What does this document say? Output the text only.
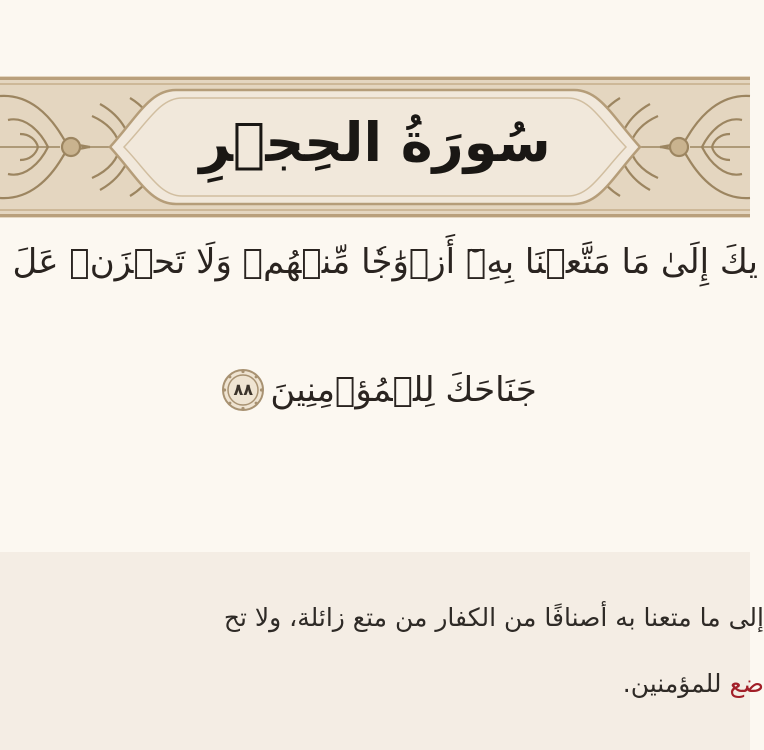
سُورَةُ الحِجۡرِ
يكَ إِلَىٰ مَا مَتَّعۡنَا بِهِۦٓ أَزۡوَٰجٗا مِّنۡهُمۡ وَلَا تَحۡزَنۡ عَلَ
جَنَاحَكَ لِلۡمُؤۡمِنِينَ
٨٨
إلى ما متعنا به أصنافًا من الكفار من متع زائلة، ولا تح
ضع للمؤمنين.
